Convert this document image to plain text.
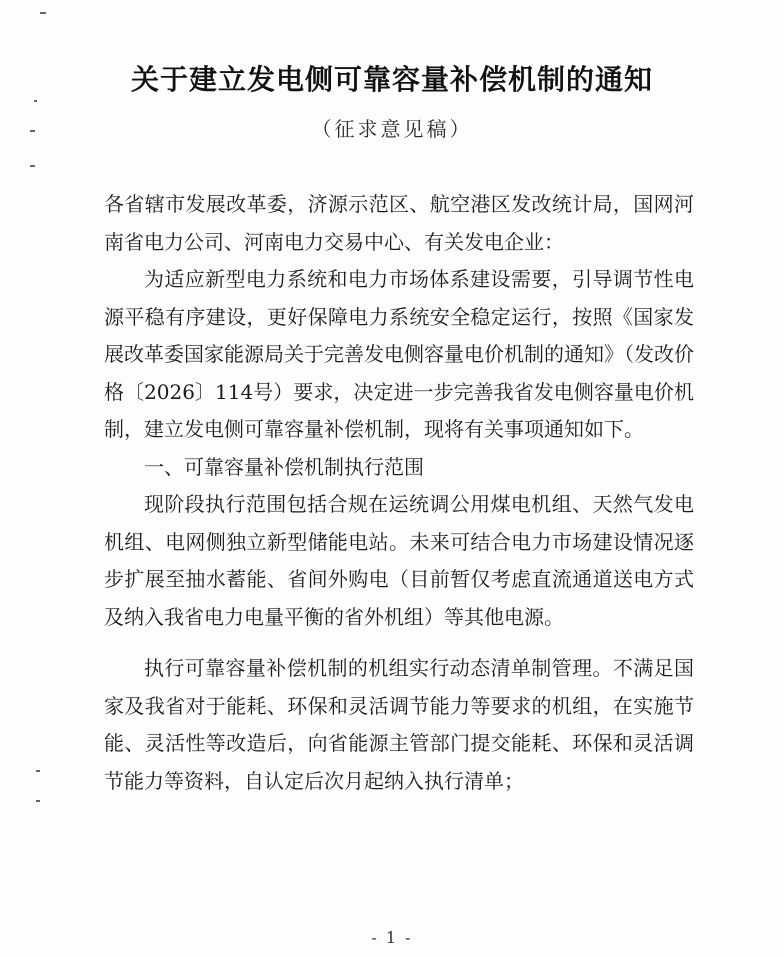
关于建立发电侧可靠容量补偿机制的通知
（征求意见稿）

各省辖市发展改革委，济源示范区、航空港区发改统计局，国网河南省电力公司、河南电力交易中心、有关发电企业：

为适应新型电力系统和电力市场体系建设需要，引导调节性电源平稳有序建设，更好保障电力系统安全稳定运行，按照《国家发展改革委国家能源局关于完善发电侧容量电价机制的通知》（发改价格〔2026〕114号）要求，决定进一步完善我省发电侧容量电价机制，建立发电侧可靠容量补偿机制，现将有关事项通知如下。

一、可靠容量补偿机制执行范围

现阶段执行范围包括合规在运统调公用煤电机组、天然气发电机组、电网侧独立新型储能电站。未来可结合电力市场建设情况逐步扩展至抽水蓄能、省间外购电（目前暂仅考虑直流通道送电方式及纳入我省电力电量平衡的省外机组）等其他电源。

执行可靠容量补偿机制的机组实行动态清单制管理。不满足国家及我省对于能耗、环保和灵活调节能力等要求的机组，在实施节能、灵活性等改造后，向省能源主管部门提交能耗、环保和灵活调节能力等资料，自认定后次月起纳入执行清单；

- 1 -
